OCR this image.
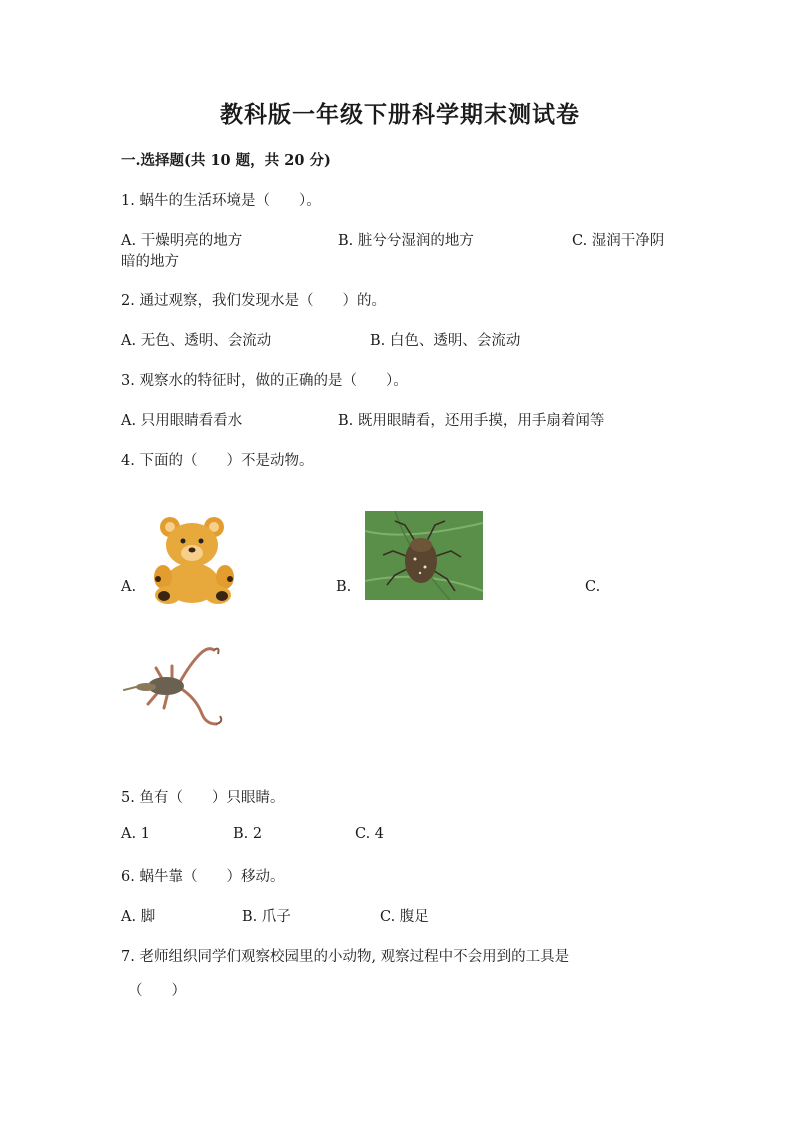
教科版一年级下册科学期末测试卷
一.选择题(共 10 题，共 20 分)
1. 蜗牛的生活环境是（　　）。
A. 干燥明亮的地方	B. 脏兮兮湿润的地方	C. 湿润干净阴
暗的地方
2. 通过观察，我们发现水是（　　）的。
A. 无色、透明、会流动	B. 白色、透明、会流动
3. 观察水的特征时，做的正确的是（　　）。
A. 只用眼睛看看水	B. 既用眼睛看，还用手摸，用手扇着闻等
4. 下面的（　　）不是动物。
A.	B.	C.
5. 鱼有（　　）只眼睛。
A. 1	B. 2	C. 4
6. 蜗牛靠（　　）移动。
A. 脚	B. 爪子	C. 腹足
7. 老师组织同学们观察校园里的小动物, 观察过程中不会用到的工具是
（　　）
